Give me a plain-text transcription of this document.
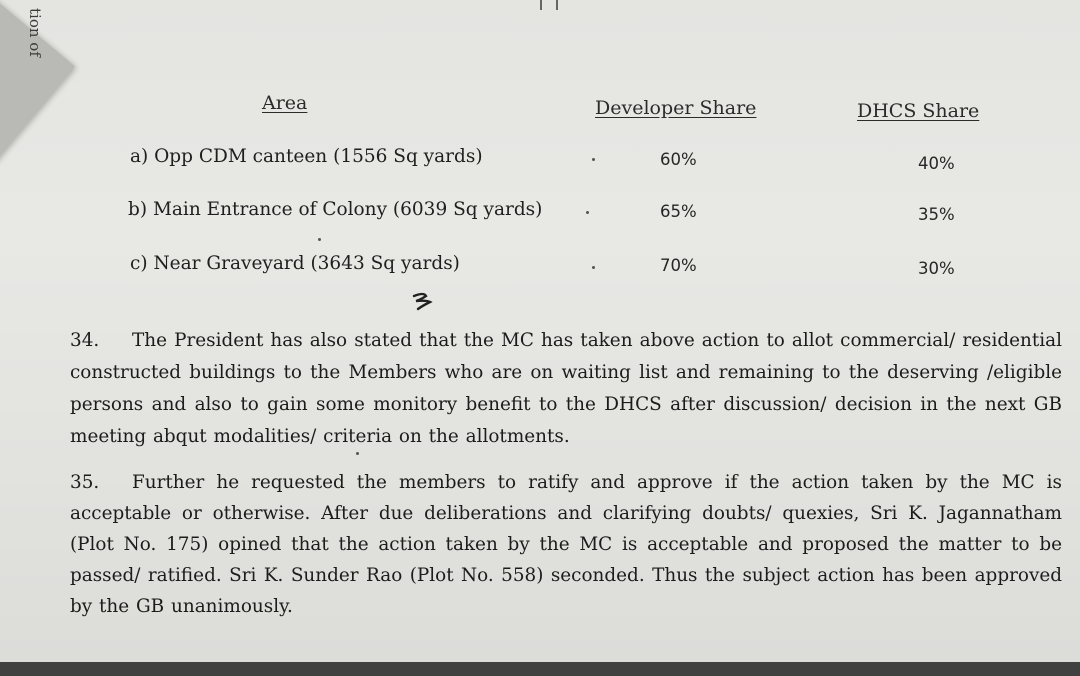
tion of
Area	Developer Share	DHCS Share
a) Opp CDM canteen (1556 Sq yards)	60%	40%
b) Main Entrance of Colony (6039 Sq yards)	65%	35%
c) Near Graveyard (3643 Sq yards)	70%	30%
34. The President has also stated that the MC has taken above action to allot commercial/ residential constructed buildings to the Members who are on waiting list and remaining to the deserving /eligible persons and also to gain some monitory benefit to the DHCS after discussion/ decision in the next GB meeting abqut modalities/ criteria on the allotments.
35. Further he requested the members to ratify and approve if the action taken by the MC is acceptable or otherwise. After due deliberations and clarifying doubts/ quexies, Sri K. Jagannatham (Plot No. 175) opined that the action taken by the MC is acceptable and proposed the matter to be passed/ ratified. Sri K. Sunder Rao (Plot No. 558) seconded. Thus the subject action has been approved by the GB unanimously.
